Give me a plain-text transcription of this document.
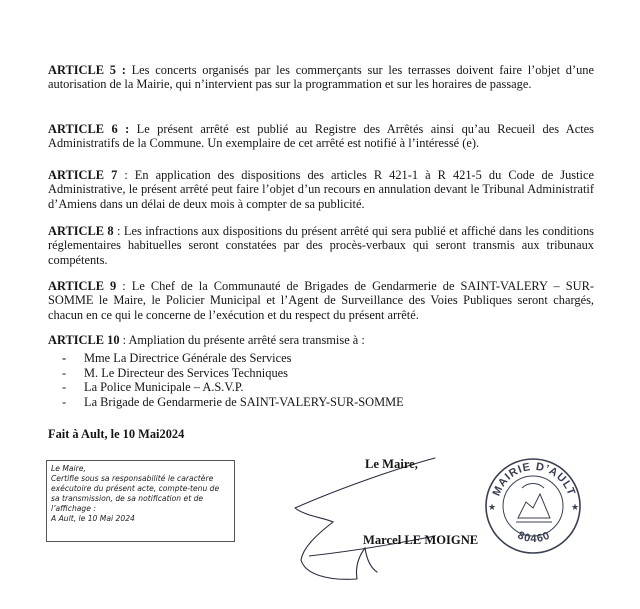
ARTICLE 5 : Les concerts organisés par les commerçants sur les terrasses doivent faire l’objet d’une autorisation de la Mairie, qui n’intervient pas sur la programmation et sur les horaires de passage.

ARTICLE 6 : Le présent arrêté est publié au Registre des Arrêtés ainsi qu’au Recueil des Actes Administratifs de la Commune. Un exemplaire de cet arrêté est notifié à l’intéressé (e).

ARTICLE 7 : En application des dispositions des articles R 421-1 à R 421-5 du Code de Justice Administrative, le présent arrêté peut faire l’objet d’un recours en annulation devant le Tribunal Administratif d’Amiens dans un délai de deux mois à compter de sa publicité.

ARTICLE 8 : Les infractions aux dispositions du présent arrêté qui sera publié et affiché dans les conditions réglementaires habituelles seront constatées par des procès-verbaux qui seront transmis aux tribunaux compétents.

ARTICLE 9 : Le Chef de la Communauté de Brigades de Gendarmerie de SAINT-VALERY – SUR-SOMME le Maire, le Policier Municipal et l’Agent de Surveillance des Voies Publiques seront chargés, chacun en ce qui le concerne de l’exécution et du respect du présent arrêté.

ARTICLE 10 : Ampliation du présente arrêté sera transmise à :

- Mme La Directrice Générale des Services
- M. Le Directeur des Services Techniques
- La Police Municipale – A.S.V.P.
- La Brigade de Gendarmerie de SAINT-VALERY-SUR-SOMME

Fait à Ault, le 10 Mai2024

Le Maire,
Certifie sous sa responsabilité le caractère
exécutoire du présent acte, compte-tenu de
sa transmission, de sa notification et de
l’affichage :
A Ault, le 10 Mai 2024

Le Maire,

Marcel LE MOIGNE

MAIRIE D’AULT
80460
★	★
